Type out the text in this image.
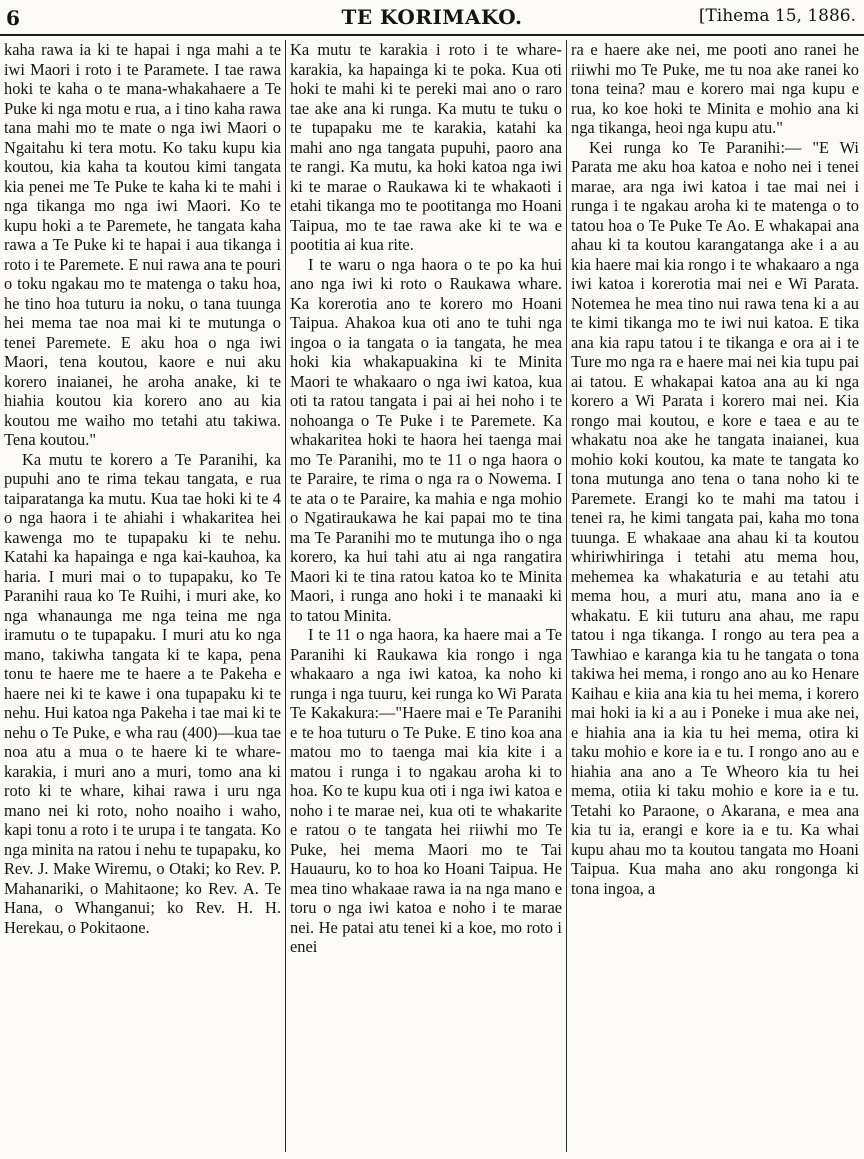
6	TE KORIMAKO.	[Tihema 15, 1886.

kaha rawa ia ki te hapai i nga mahi a te iwi Maori i roto i te Paramete. I tae rawa hoki te kaha o te mana-whakahaere a Te Puke ki nga motu e rua, a i tino kaha rawa tana mahi mo te mate o nga iwi Maori o Ngaitahu ki tera motu. Ko taku kupu kia koutou, kia kaha ta koutou kimi tangata kia penei me Te Puke te kaha ki te mahi i nga tikanga mo nga iwi Maori. Ko te kupu hoki a te Paremete, he tangata kaha rawa a Te Puke ki te hapai i aua tikanga i roto i te Paremete. E nui rawa ana te pouri o toku ngakau mo te matenga o taku hoa, he tino hoa tuturu ia noku, o tana tuunga hei mema tae noa mai ki te mutunga o tenei Paremete. E aku hoa o nga iwi Maori, tena koutou, kaore e nui aku korero inaianei, he aroha anake, ki te hiahia koutou kia korero ano au kia koutou me waiho mo tetahi atu takiwa. Tena koutou."

Ka mutu te korero a Te Paranihi, ka pupuhi ano te rima tekau tangata, e rua taiparatanga ka mutu. Kua tae hoki ki te 4 o nga haora i te ahiahi i whakaritea hei kawenga mo te tupapaku ki te nehu. Katahi ka hapainga e nga kai-kauhoa, ka haria. I muri mai o to tupapaku, ko Te Paranihi raua ko Te Ruihi, i muri ake, ko nga whanaunga me nga teina me nga iramutu o te tupapaku. I muri atu ko nga mano, takiwha tangata ki te kapa, pena tonu te haere me te haere a te Pakeha e haere nei ki te kawe i ona tupapaku ki te nehu. Hui katoa nga Pakeha i tae mai ki te nehu o Te Puke, e wha rau (400)—kua tae noa atu a mua o te haere ki te whare-karakia, i muri ano a muri, tomo ana ki roto ki te whare, kihai rawa i uru nga mano nei ki roto, noho noaiho i waho, kapi tonu a roto i te urupa i te tangata. Ko nga minita na ratou i nehu te tupapaku, ko Rev. J. Make Wiremu, o Otaki; ko Rev. P. Mahanariki, o Mahitaone; ko Rev. A. Te Hana, o Whanganui; ko Rev. H. H. Herekau, o Pokitaone.

Ka mutu te karakia i roto i te whare-karakia, ka hapainga ki te poka. Kua oti hoki te mahi ki te pereki mai ano o raro tae ake ana ki runga. Ka mutu te tuku o te tupapaku me te karakia, katahi ka mahi ano nga tangata pupuhi, paoro ana te rangi. Ka mutu, ka hoki katoa nga iwi ki te marae o Raukawa ki te whakaoti i etahi tikanga mo te pootitanga mo Hoani Taipua, mo te tae rawa ake ki te wa e pootitia ai kua rite.

I te waru o nga haora o te po ka hui ano nga iwi ki roto o Raukawa whare. Ka korerotia ano te korero mo Hoani Taipua. Ahakoa kua oti ano te tuhi nga ingoa o ia tangata o ia tangata, he mea hoki kia whakapuakina ki te Minita Maori te whakaaro o nga iwi katoa, kua oti ta ratou tangata i pai ai hei noho i te nohoanga o Te Puke i te Paremete. Ka whakaritea hoki te haora hei taenga mai mo Te Paranihi, mo te 11 o nga haora o te Paraire, te rima o nga ra o Nowema. I te ata o te Paraire, ka mahia e nga mohio o Ngatiraukawa he kai papai mo te tina ma Te Paranihi mo te mutunga iho o nga korero, ka hui tahi atu ai nga rangatira Maori ki te tina ratou katoa ko te Minita Maori, i runga ano hoki i te manaaki ki to tatou Minita.

I te 11 o nga haora, ka haere mai a Te Paranihi ki Raukawa kia rongo i nga whakaaro a nga iwi katoa, ka noho ki runga i nga tuuru, kei runga ko Wi Parata Te Kakakura:—"Haere mai e Te Paranihi e te hoa tuturu o Te Puke. E tino koa ana matou mo to taenga mai kia kite i a matou i runga i to ngakau aroha ki to hoa. Ko te kupu kua oti i nga iwi katoa e noho i te marae nei, kua oti te whakarite e ratou o te tangata hei riiwhi mo Te Puke, hei mema Maori mo te Tai Hauauru, ko to hoa ko Hoani Taipua. He mea tino whakaae rawa ia na nga mano e toru o nga iwi katoa e noho i te marae nei. He patai atu tenei ki a koe, mo roto i enei

ra e haere ake nei, me pooti ano ranei he riiwhi mo Te Puke, me tu noa ake ranei ko tona teina? mau e korero mai nga kupu e rua, ko koe hoki te Minita e mohio ana ki nga tikanga, heoi nga kupu atu."

Kei runga ko Te Paranihi:— "E Wi Parata me aku hoa katoa e noho nei i tenei marae, ara nga iwi katoa i tae mai nei i runga i te ngakau aroha ki te matenga o to tatou hoa o Te Puke Te Ao. E whakapai ana ahau ki ta koutou karangatanga ake i a au kia haere mai kia rongo i te whakaaro a nga iwi katoa i korerotia mai nei e Wi Parata. Notemea he mea tino nui rawa tena ki a au te kimi tikanga mo te iwi nui katoa. E tika ana kia rapu tatou i te tikanga e ora ai i te Ture mo nga ra e haere mai nei kia tupu pai ai tatou. E whakapai katoa ana au ki nga korero a Wi Parata i korero mai nei. Kia rongo mai koutou, e kore e taea e au te whakatu noa ake he tangata inaianei, kua mohio koki koutou, ka mate te tangata ko tona mutunga ano tena o tana noho ki te Paremete. Erangi ko te mahi ma tatou i tenei ra, he kimi tangata pai, kaha mo tona tuunga. E whakaae ana ahau ki ta koutou whiriwhiringa i tetahi atu mema hou, mehemea ka whakaturia e au tetahi atu mema hou, a muri atu, mana ano ia e whakatu. E kii tuturu ana ahau, me rapu tatou i nga tikanga. I rongo au tera pea a Tawhiao e karanga kia tu he tangata o tona takiwa hei mema, i rongo ano au ko Henare Kaihau e kiia ana kia tu hei mema, i korero mai hoki ia ki a au i Poneke i mua ake nei, e hiahia ana ia kia tu hei mema, otira ki taku mohio e kore ia e tu. I rongo ano au e hiahia ana ano a Te Wheoro kia tu hei mema, otiia ki taku mohio e kore ia e tu. Tetahi ko Paraone, o Akarana, e mea ana kia tu ia, erangi e kore ia e tu. Ka whai kupu ahau mo ta koutou tangata mo Hoani Taipua. Kua maha ano aku rongonga ki tona ingoa, a
